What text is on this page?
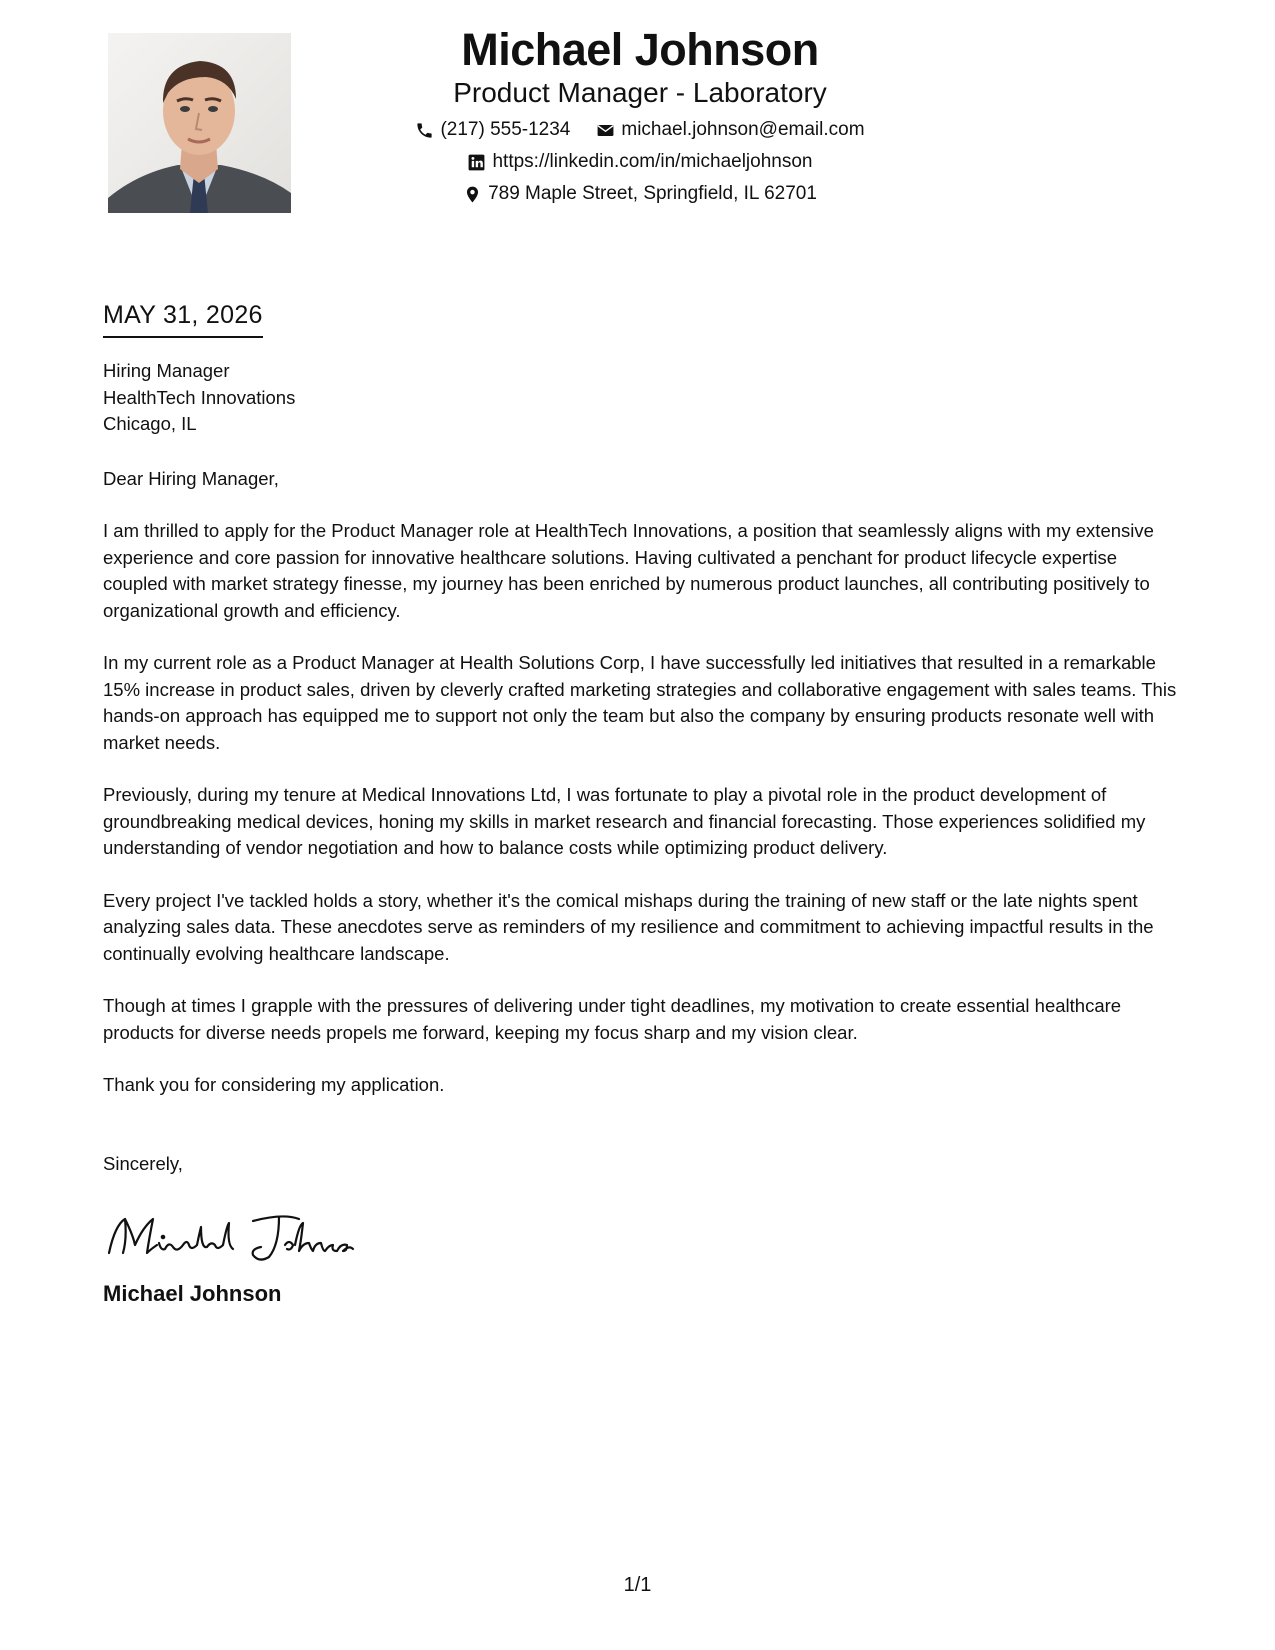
Michael Johnson
Product Manager - Laboratory
(217) 555-1234	michael.johnson@email.com
https://linkedin.com/in/michaeljohnson
789 Maple Street, Springfield, IL 62701
MAY 31, 2026
Hiring Manager
HealthTech Innovations
Chicago, IL
Dear Hiring Manager,
I am thrilled to apply for the Product Manager role at HealthTech Innovations, a position that seamlessly aligns with my extensive experience and core passion for innovative healthcare solutions. Having cultivated a penchant for product lifecycle expertise coupled with market strategy finesse, my journey has been enriched by numerous product launches, all contributing positively to organizational growth and efficiency.
In my current role as a Product Manager at Health Solutions Corp, I have successfully led initiatives that resulted in a remarkable 15% increase in product sales, driven by cleverly crafted marketing strategies and collaborative engagement with sales teams. This hands-on approach has equipped me to support not only the team but also the company by ensuring products resonate well with market needs.
Previously, during my tenure at Medical Innovations Ltd, I was fortunate to play a pivotal role in the product development of groundbreaking medical devices, honing my skills in market research and financial forecasting. Those experiences solidified my understanding of vendor negotiation and how to balance costs while optimizing product delivery.
Every project I've tackled holds a story, whether it's the comical mishaps during the training of new staff or the late nights spent analyzing sales data. These anecdotes serve as reminders of my resilience and commitment to achieving impactful results in the continually evolving healthcare landscape.
Though at times I grapple with the pressures of delivering under tight deadlines, my motivation to create essential healthcare products for diverse needs propels me forward, keeping my focus sharp and my vision clear.
Thank you for considering my application.
Sincerely,
Michael Johnson
1/1
